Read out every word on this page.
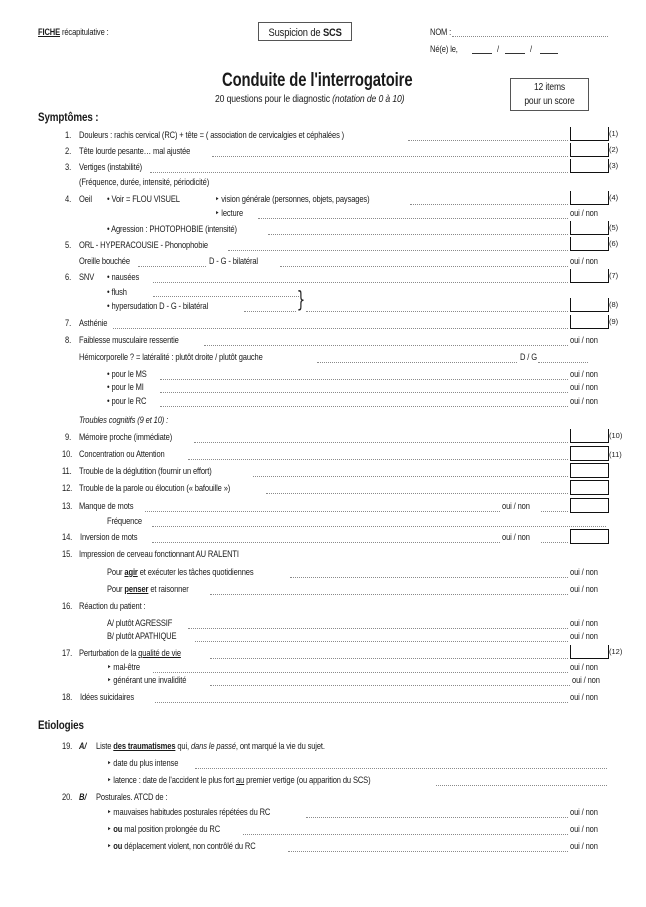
FICHE récapitulative :	Suspicion de SCS	NOM :
Né(e) le,	/	/
Conduite de l'interrogatoire
20 questions pour le diagnostic (notation de 0 à 10)
12 items
pour un score
Symptômes :
1. Douleurs : rachis cervical (RC) + tête = ( association de cervicalgies et céphalées )	(1)
2. Tête lourde pesante… mal ajustée	(2)
3. Vertiges (instabilité)	(3)
(Fréquence, durée, intensité, périodicité)
4. Oeil • Voir = FLOU VISUEL	‣ vision générale (personnes, objets, paysages)	(4)
‣ lecture	oui / non
• Agression : PHOTOPHOBIE (intensité)	(5)
5. ORL - HYPERACOUSIE - Phonophobie	(6)
Oreille bouchée	D - G - bilatéral	oui / non
6. SNV • nausées	(7)
• flush	}
• hypersudation D - G - bilatéral	(8)
7. Asthénie	(9)
8. Faiblesse musculaire ressentie	oui / non
Hémicorporelle ? = latéralité : plutôt droite / plutôt gauche	D / G
• pour le MS	oui / non
• pour le MI	oui / non
• pour le RC	oui / non
Troubles cognitifs (9 et 10) :
9. Mémoire proche (immédiate)	(10)
10. Concentration ou Attention	(11)
11. Trouble de la déglutition (fournir un effort)
12. Trouble de la parole ou élocution (« bafouille »)
13. Manque de mots	oui / non
Fréquence
14. Inversion de mots	oui / non
15. Impression de cerveau fonctionnant AU RALENTI
Pour agir et exécuter les tâches quotidiennes	oui / non
Pour penser et raisonner	oui / non
16. Réaction du patient :
A/ plutôt AGRESSIF	oui / non
B/ plutôt APATHIQUE	oui / non
17. Perturbation de la qualité de vie	(12)
‣ mal-être	oui / non
‣ générant une invalidité	oui / non
18. Idées suicidaires	oui / non
Etiologies
19. A/ Liste des traumatismes qui, dans le passé, ont marqué la vie du sujet.
‣ date du plus intense
‣ latence : date de l'accident le plus fort au premier vertige (ou apparition du SCS)
20. B/ Posturales. ATCD de :
‣ mauvaises habitudes posturales répétées du RC	oui / non
‣ ou mal position prolongée du RC	oui / non
‣ ou déplacement violent, non contrôlé du RC	oui / non
